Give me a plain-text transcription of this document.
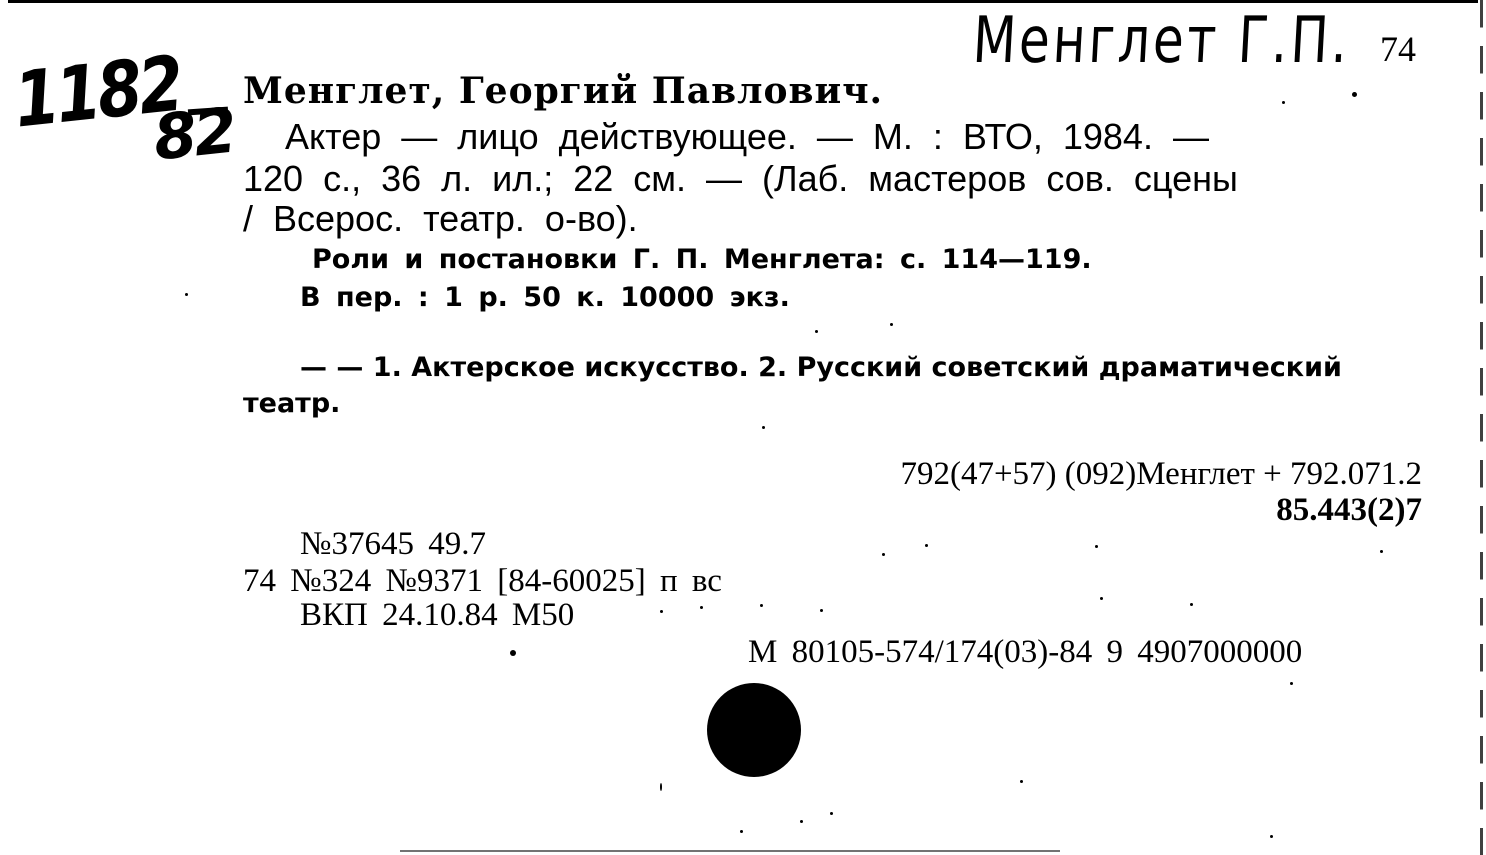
Менглет Г.П.
1182
82
74
Менглет, Георгий Павлович.
Актер — лицо действующее. — М. : ВТО, 1984. —
120 с., 36 л. ил.; 22 см. — (Лаб. мастеров сов. сцены
/ Всерос. театр. о-во).
Роли и постановки Г. П. Менглета: с. 114—119.
В пер. : 1 р. 50 к. 10000 экз.
— — 1. Актерское искусство. 2. Русский советский драматический
театр.
792(47+57) (092)Менглет + 792.071.2
85.443(2)7
№37645 49.7
74 №324 №9371 [84-60025] п вс
ВКП 24.10.84 М50
М 80105-574/174(03)-84 9 4907000000
